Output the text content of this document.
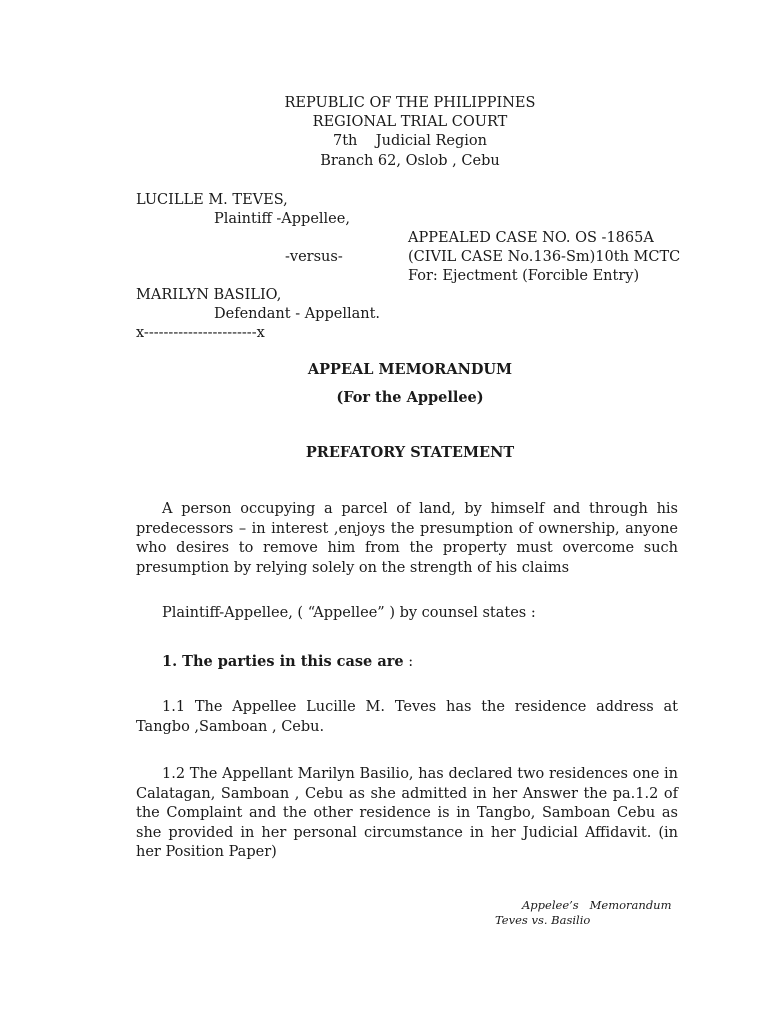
REPUBLIC OF THE PHILIPPINES
REGIONAL TRIAL COURT
7th    Judicial Region
Branch 62, Oslob , Cebu
LUCILLE M. TEVES,
Plaintiff -Appellee,
APPEALED CASE NO. OS -1865A
-versus-	(CIVIL CASE No.136-Sm)10th MCTC
For: Ejectment (Forcible Entry)
MARILYN BASILIO,
Defendant - Appellant.
x-----------------------x
APPEAL MEMORANDUM
(For the Appellee)
PREFATORY STATEMENT
A person occupying a parcel of land, by himself and through his predecessors – in interest ,enjoys the presumption of ownership, anyone who desires to remove him from the property must overcome such presumption by relying solely on the strength of his claims
Plaintiff-Appellee, ( “Appellee” ) by counsel states :
1. The parties in this case are :
1.1 The Appellee Lucille M. Teves has the residence address at Tangbo ,Samboan , Cebu.
1.2 The Appellant Marilyn Basilio, has declared two residences one in Calatagan, Samboan , Cebu as she admitted in her Answer the pa.1.2 of the Complaint and the other residence is in Tangbo, Samboan Cebu as she provided in her personal circumstance in her Judicial Affidavit. (in her Position Paper)
Appelee’s   Memorandum
Teves vs. Basilio
